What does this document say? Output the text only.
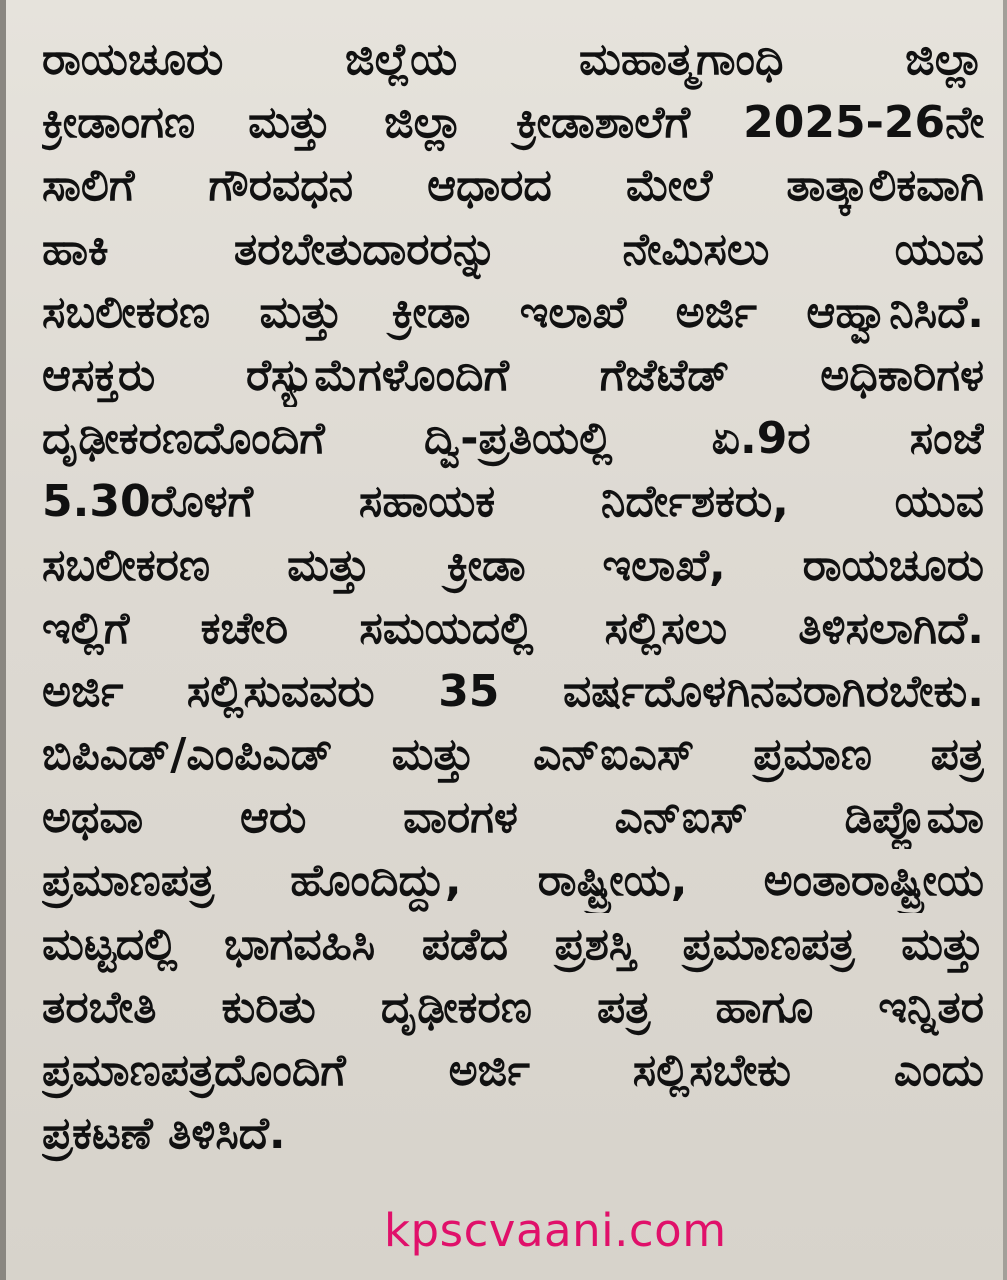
ರಾಯಚೂರು ಜಿಲ್ಲೆಯ ಮಹಾತ್ಮಗಾಂಧಿ ಜಿಲ್ಲಾ
ಕ್ರೀಡಾಂಗಣ ಮತ್ತು ಜಿಲ್ಲಾ ಕ್ರೀಡಾಶಾಲೆಗೆ 2025-26ನೇ
ಸಾಲಿಗೆ ಗೌರವಧನ ಆಧಾರದ ಮೇಲೆ ತಾತ್ಕಾಲಿಕವಾಗಿ
ಹಾಕಿ ತರಬೇತುದಾರರನ್ನು ನೇಮಿಸಲು ಯುವ
ಸಬಲೀಕರಣ ಮತ್ತು ಕ್ರೀಡಾ ಇಲಾಖೆ ಅರ್ಜಿ ಆಹ್ವಾನಿಸಿದೆ.
ಆಸಕ್ತರು ರೆಸ್ಯುಮೆಗಳೊಂದಿಗೆ ಗೆಜೆಟೆಡ್ ಅಧಿಕಾರಿಗಳ
ದೃಢೀಕರಣದೊಂದಿಗೆ ದ್ವಿ-ಪ್ರತಿಯಲ್ಲಿ ಏ.9ರ ಸಂಜೆ
5.30ರೊಳಗೆ ಸಹಾಯಕ ನಿರ್ದೇಶಕರು, ಯುವ
ಸಬಲೀಕರಣ ಮತ್ತು ಕ್ರೀಡಾ ಇಲಾಖೆ, ರಾಯಚೂರು
ಇಲ್ಲಿಗೆ ಕಚೇರಿ ಸಮಯದಲ್ಲಿ ಸಲ್ಲಿಸಲು ತಿಳಿಸಲಾಗಿದೆ.
ಅರ್ಜಿ ಸಲ್ಲಿಸುವವರು 35 ವರ್ಷದೊಳಗಿನವರಾಗಿರಬೇಕು.
ಬಿಪಿಎಡ್/ಎಂಪಿಎಡ್ ಮತ್ತು ಎನ್ಐಎಸ್ ಪ್ರಮಾಣ ಪತ್ರ
ಅಥವಾ ಆರು ವಾರಗಳ ಎನ್ಐಸ್ ಡಿಪ್ಲೊಮಾ
ಪ್ರಮಾಣಪತ್ರ ಹೊಂದಿದ್ದು, ರಾಷ್ಟ್ರೀಯ, ಅಂತಾರಾಷ್ಟ್ರೀಯ
ಮಟ್ಟದಲ್ಲಿ ಭಾಗವಹಿಸಿ ಪಡೆದ ಪ್ರಶಸ್ತಿ ಪ್ರಮಾಣಪತ್ರ ಮತ್ತು
ತರಬೇತಿ ಕುರಿತು ದೃಢೀಕರಣ ಪತ್ರ ಹಾಗೂ ಇನ್ನಿತರ
ಪ್ರಮಾಣಪತ್ರದೊಂದಿಗೆ ಅರ್ಜಿ ಸಲ್ಲಿಸಬೇಕು ಎಂದು
ಪ್ರಕಟಣೆ ತಿಳಿಸಿದೆ.
kpscvaani.com
